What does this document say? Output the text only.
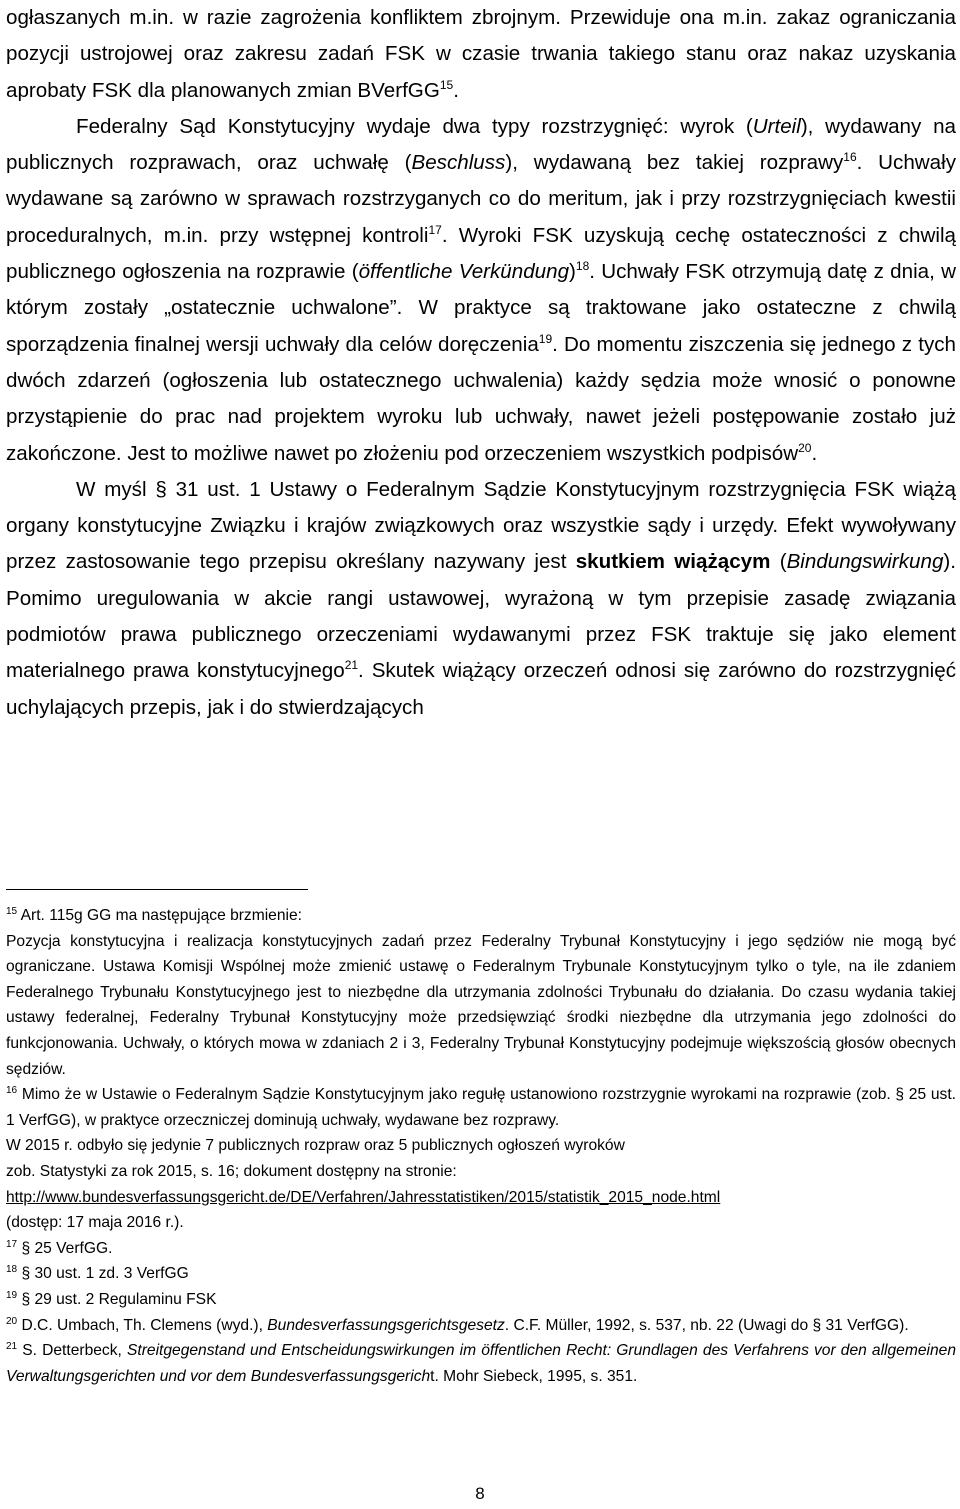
ogłaszanych m.in. w razie zagrożenia konfliktem zbrojnym. Przewiduje ona m.in. zakaz ograniczania pozycji ustrojowej oraz zakresu zadań FSK w czasie trwania takiego stanu oraz nakaz uzyskania aprobaty FSK dla planowanych zmian BVerfGG$^{15}$.

Federalny Sąd Konstytucyjny wydaje dwa typy rozstrzygnięć: wyrok (Urteil), wydawany na publicznych rozprawach, oraz uchwałę (Beschluss), wydawaną bez takiej rozprawy$^{16}$. Uchwały wydawane są zarówno w sprawach rozstrzyganych co do meritum, jak i przy rozstrzygnięciach kwestii proceduralnych, m.in. przy wstępnej kontroli$^{17}$. Wyroki FSK uzyskują cechę ostateczności z chwilą publicznego ogłoszenia na rozprawie (öffentliche Verkündung)$^{18}$. Uchwały FSK otrzymują datę z dnia, w którym zostały „ostatecznie uchwalone”. W praktyce są traktowane jako ostateczne z chwilą sporządzenia finalnej wersji uchwały dla celów doręczenia$^{19}$. Do momentu ziszczenia się jednego z tych dwóch zdarzeń (ogłoszenia lub ostatecznego uchwalenia) każdy sędzia może wnosić o ponowne przystąpienie do prac nad projektem wyroku lub uchwały, nawet jeżeli postępowanie zostało już zakończone. Jest to możliwe nawet po złożeniu pod orzeczeniem wszystkich podpisów$^{20}$.

W myśl § 31 ust. 1 Ustawy o Federalnym Sądzie Konstytucyjnym rozstrzygnięcia FSK wiążą organy konstytucyjne Związku i krajów związkowych oraz wszystkie sądy i urzędy. Efekt wywoływany przez zastosowanie tego przepisu określany nazywany jest skutkiem wiążącym (Bindungswirkung). Pomimo uregulowania w akcie rangi ustawowej, wyrażoną w tym przepisie zasadę związania podmiotów prawa publicznego orzeczeniami wydawanymi przez FSK traktuje się jako element materialnego prawa konstytucyjnego$^{21}$. Skutek wiążący orzeczeń odnosi się zarówno do rozstrzygnięć uchylających przepis, jak i do stwierdzających

$^{15}$ Art. 115g GG ma następujące brzmienie:

Pozycja konstytucyjna i realizacja konstytucyjnych zadań przez Federalny Trybunał Konstytucyjny i jego sędziów nie mogą być ograniczane. Ustawa Komisji Wspólnej może zmienić ustawę o Federalnym Trybunale Konstytucyjnym tylko o tyle, na ile zdaniem Federalnego Trybunału Konstytucyjnego jest to niezbędne dla utrzymania zdolności Trybunału do działania. Do czasu wydania takiej ustawy federalnej, Federalny Trybunał Konstytucyjny może przedsięwziąć środki niezbędne dla utrzymania jego zdolności do funkcjonowania. Uchwały, o których mowa w zdaniach 2 i 3, Federalny Trybunał Konstytucyjny podejmuje większością głosów obecnych sędziów.

$^{16}$ Mimo że w Ustawie o Federalnym Sądzie Konstytucyjnym jako regułę ustanowiono rozstrzygnie wyrokami na rozprawie (zob. § 25 ust. 1 VerfGG), w praktyce orzeczniczej dominują uchwały, wydawane bez rozprawy.

W 2015 r. odbyło się jedynie 7 publicznych rozpraw oraz 5 publicznych ogłoszeń wyroków

zob. Statystyki za rok 2015, s. 16; dokument dostępny na stronie:

http://www.bundesverfassungsgericht.de/DE/Verfahren/Jahresstatistiken/2015/statistik_2015_node.html

(dostęp: 17 maja 2016 r.).

$^{17}$ § 25 VerfGG.

$^{18}$ § 30 ust. 1 zd. 3 VerfGG

$^{19}$ § 29 ust. 2 Regulaminu FSK

$^{20}$ D.C. Umbach, Th. Clemens (wyd.), Bundesverfassungsgerichtsgesetz. C.F. Müller, 1992, s. 537, nb. 22 (Uwagi do § 31 VerfGG).

$^{21}$ S. Detterbeck, Streitgegenstand und Entscheidungswirkungen im öffentlichen Recht: Grundlagen des Verfahrens vor den allgemeinen Verwaltungsgerichten und vor dem Bundesverfassungsgericht. Mohr Siebeck, 1995, s. 351.

8
